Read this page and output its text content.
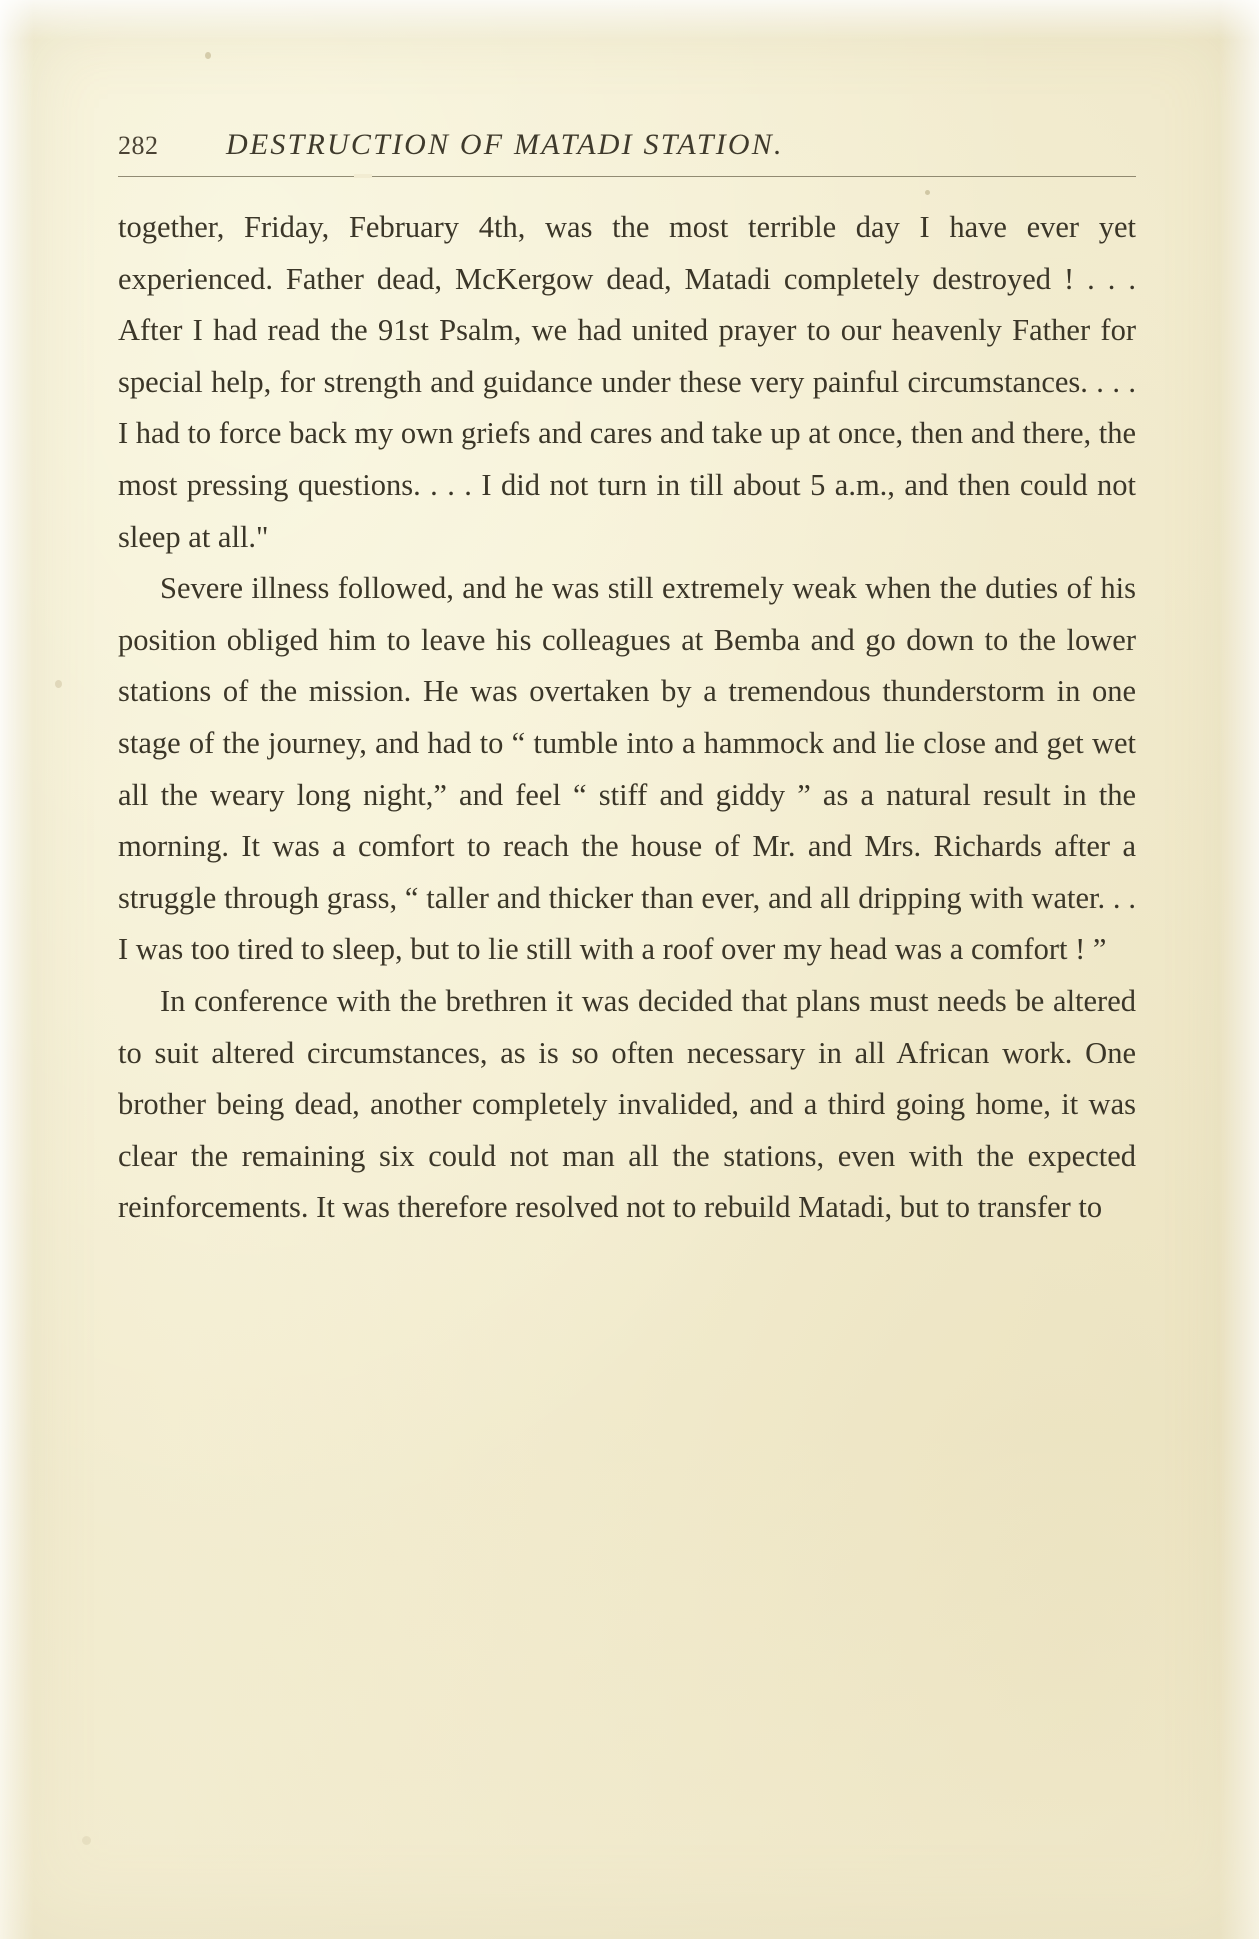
282	DESTRUCTION OF MATADI STATION.

together, Friday, February 4th, was the most terrible day I have ever yet experienced. Father dead, McKergow dead, Matadi completely destroyed ! . . . After I had read the 91st Psalm, we had united prayer to our heavenly Father for special help, for strength and guidance under these very painful circumstances. . . . I had to force back my own griefs and cares and take up at once, then and there, the most pressing questions. . . . I did not turn in till about 5 a.m., and then could not sleep at all."

Severe illness followed, and he was still extremely weak when the duties of his position obliged him to leave his colleagues at Bemba and go down to the lower stations of the mission. He was overtaken by a tremendous thunderstorm in one stage of the journey, and had to “ tumble into a hammock and lie close and get wet all the weary long night,” and feel “ stiff and giddy ” as a natural result in the morning. It was a comfort to reach the house of Mr. and Mrs. Richards after a struggle through grass, “ taller and thicker than ever, and all dripping with water. . . I was too tired to sleep, but to lie still with a roof over my head was a comfort ! ”

In conference with the brethren it was decided that plans must needs be altered to suit altered circumstances, as is so often necessary in all African work. One brother being dead, another completely invalided, and a third going home, it was clear the remaining six could not man all the stations, even with the expected reinforcements. It was therefore resolved not to rebuild Matadi, but to transfer to
